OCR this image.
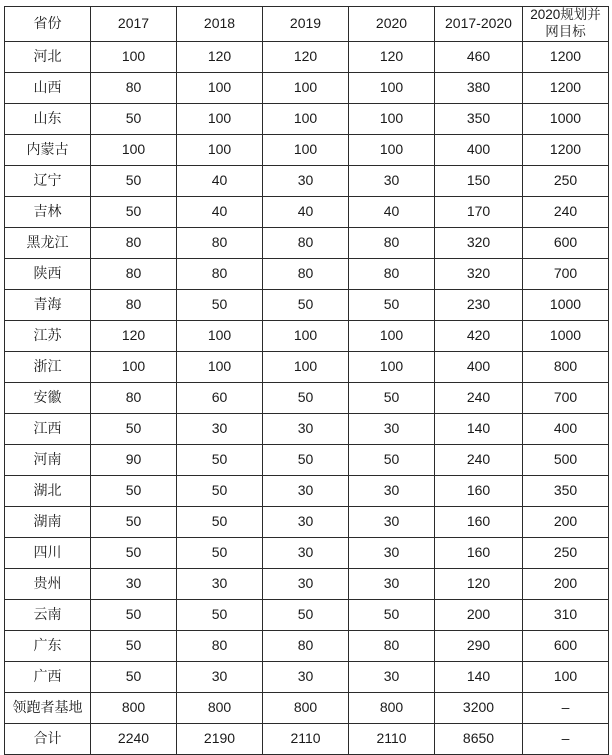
省份	2017	2018	2019	2020	2017-2020	2020规划并网目标
河北	100	120	120	120	460	1200
山西	80	100	100	100	380	1200
山东	50	100	100	100	350	1000
内蒙古	100	100	100	100	400	1200
辽宁	50	40	30	30	150	250
吉林	50	40	40	40	170	240
黑龙江	80	80	80	80	320	600
陕西	80	80	80	80	320	700
青海	80	50	50	50	230	1000
江苏	120	100	100	100	420	1000
浙江	100	100	100	100	400	800
安徽	80	60	50	50	240	700
江西	50	30	30	30	140	400
河南	90	50	50	50	240	500
湖北	50	50	30	30	160	350
湖南	50	50	30	30	160	200
四川	50	50	30	30	160	250
贵州	30	30	30	30	120	200
云南	50	50	50	50	200	310
广东	50	80	80	80	290	600
广西	50	30	30	30	140	100
领跑者基地	800	800	800	800	3200	–
合计	2240	2190	2110	2110	8650	–
